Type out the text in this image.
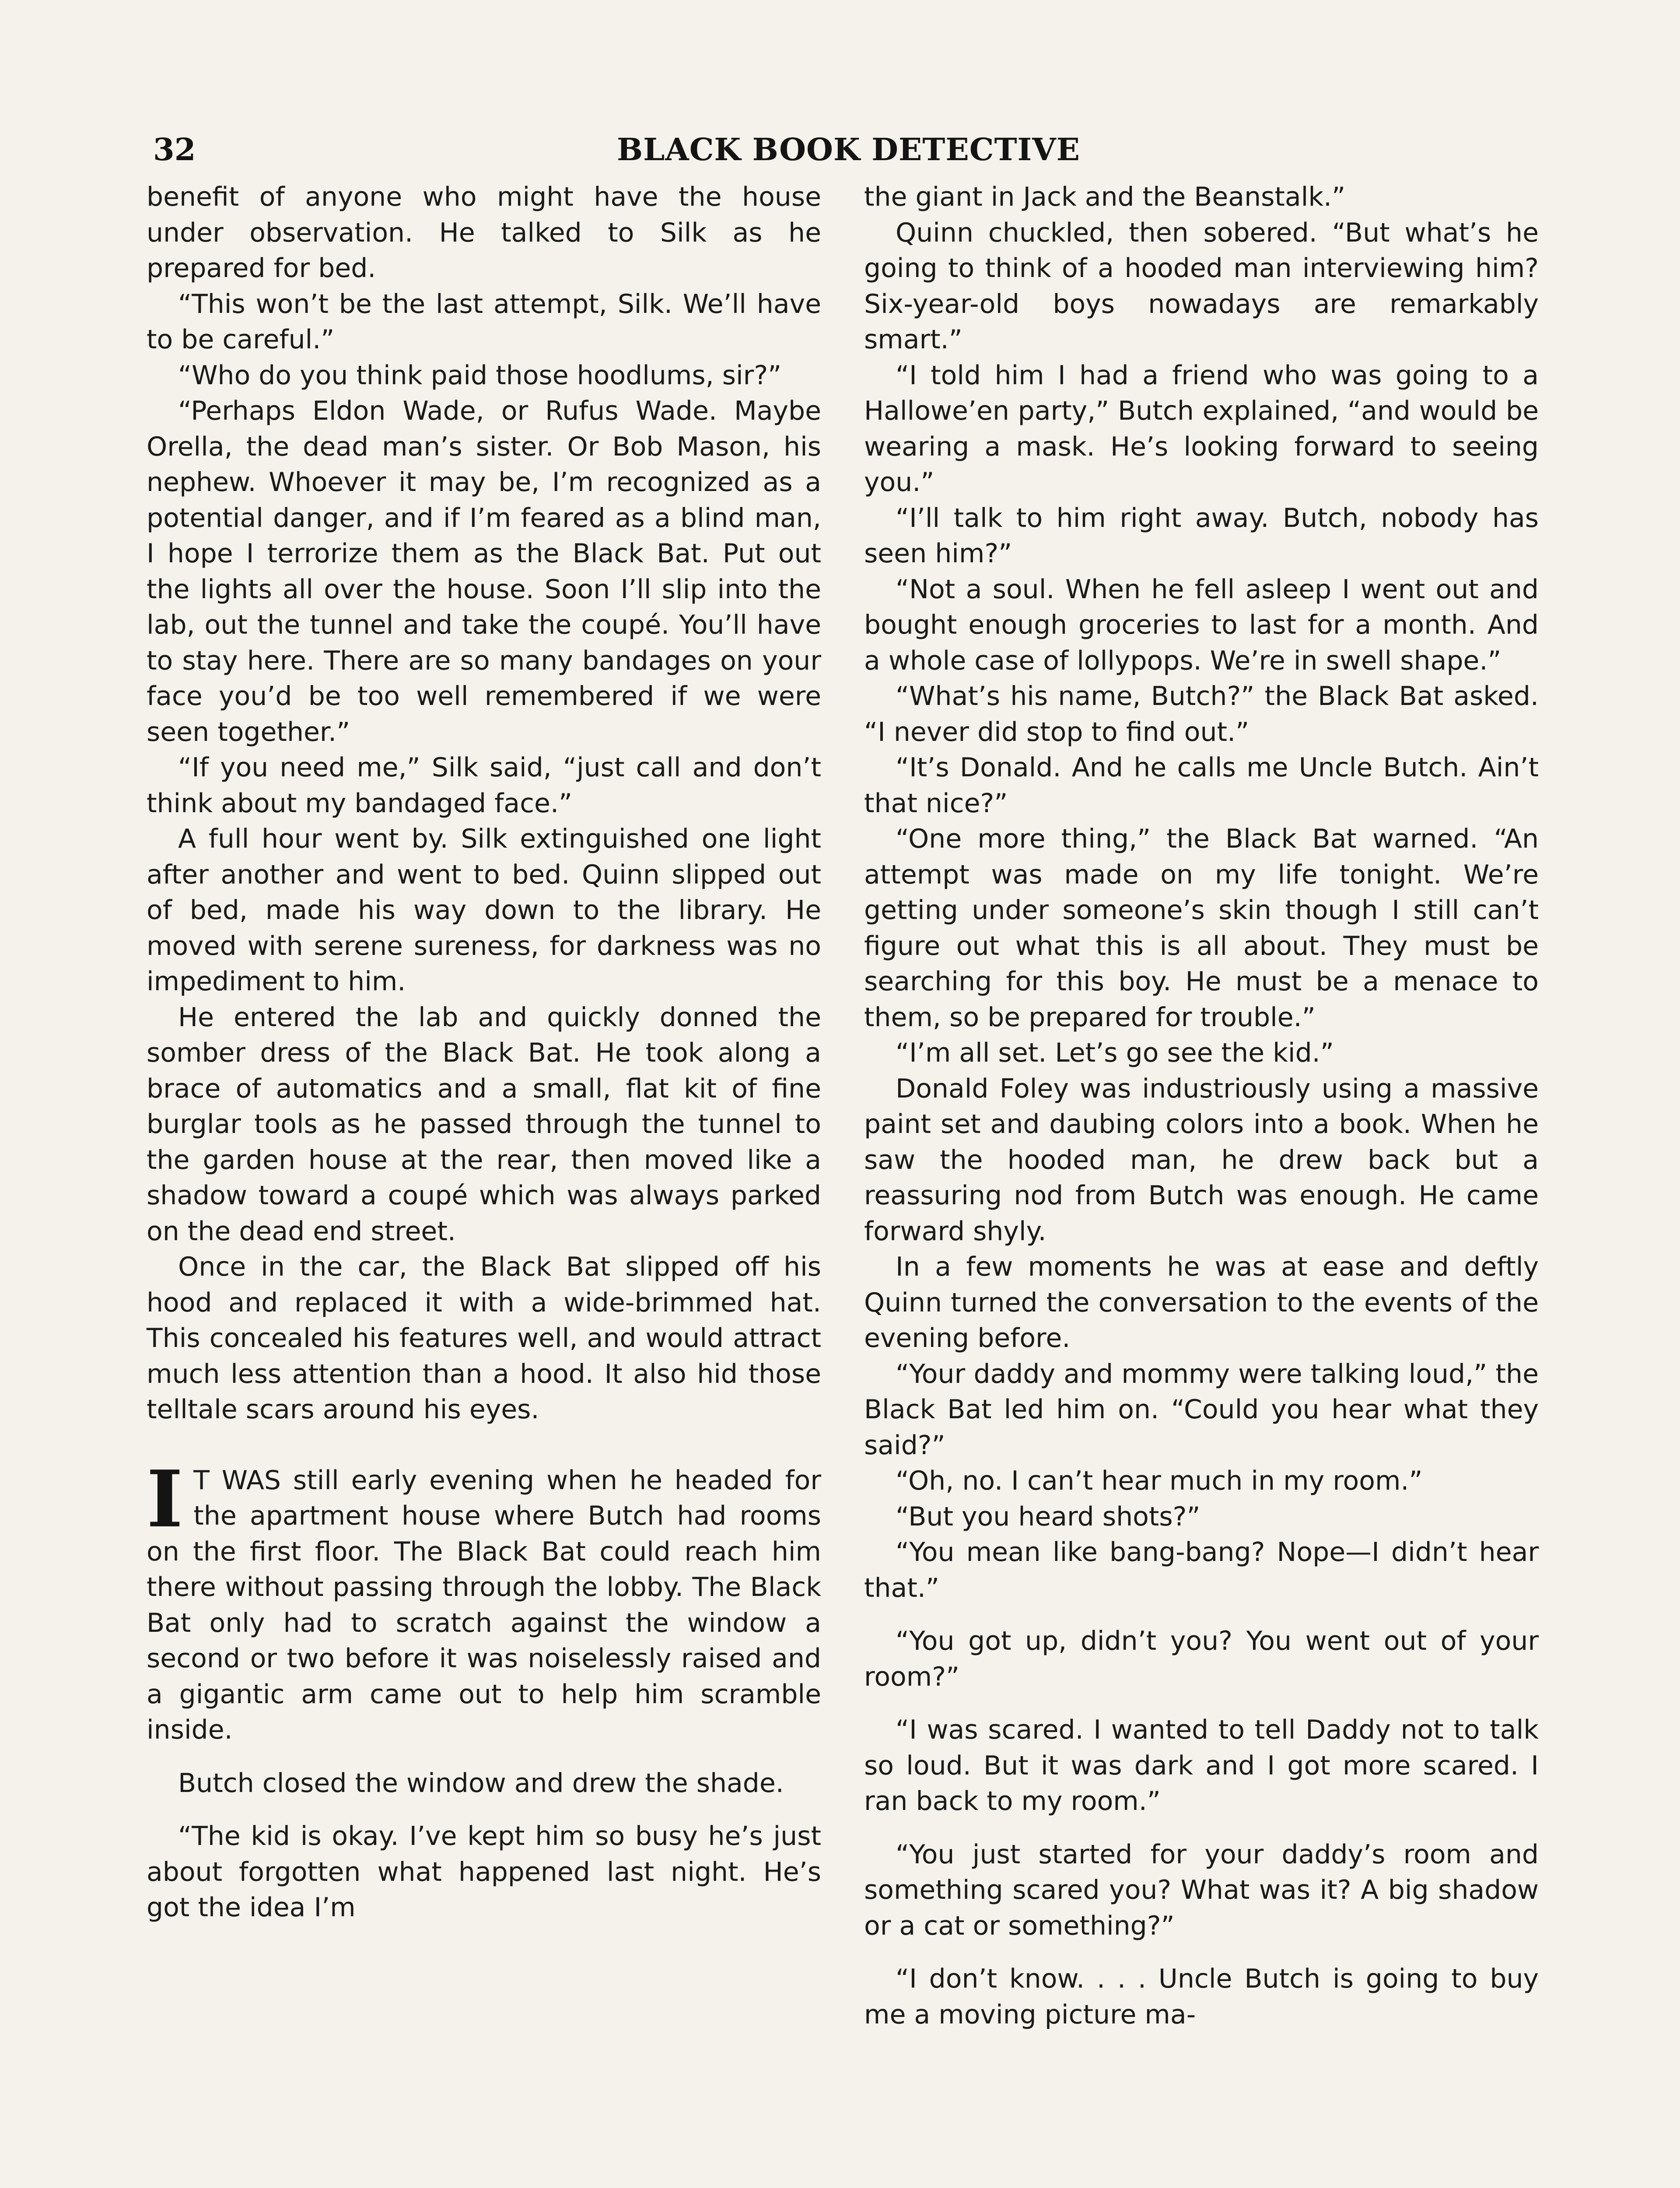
32	BLACK BOOK DETECTIVE

benefit of anyone who might have the house under observation. He talked to Silk as he prepared for bed.

“This won’t be the last attempt, Silk. We’ll have to be careful.”

“Who do you think paid those hoodlums, sir?”

“Perhaps Eldon Wade, or Rufus Wade. Maybe Orella, the dead man’s sister. Or Bob Mason, his nephew. Whoever it may be, I’m recognized as a potential danger, and if I’m feared as a blind man, I hope I terrorize them as the Black Bat. Put out the lights all over the house. Soon I’ll slip into the lab, out the tunnel and take the coupé. You’ll have to stay here. There are so many bandages on your face you’d be too well remembered if we were seen together.”

“If you need me,” Silk said, “just call and don’t think about my bandaged face.”

A full hour went by. Silk extinguished one light after another and went to bed. Quinn slipped out of bed, made his way down to the library. He moved with serene sureness, for darkness was no impediment to him.

He entered the lab and quickly donned the somber dress of the Black Bat. He took along a brace of automatics and a small, flat kit of fine burglar tools as he passed through the tunnel to the garden house at the rear, then moved like a shadow toward a coupé which was always parked on the dead end street.

Once in the car, the Black Bat slipped off his hood and replaced it with a wide-brimmed hat. This concealed his features well, and would attract much less attention than a hood. It also hid those telltale scars around his eyes.

I T WAS still early evening when he headed for the apartment house where Butch had rooms on the first floor. The Black Bat could reach him there without passing through the lobby. The Black Bat only had to scratch against the window a second or two before it was noiselessly raised and a gigantic arm came out to help him scramble inside.

Butch closed the window and drew the shade.

“The kid is okay. I’ve kept him so busy he’s just about forgotten what happened last night. He’s got the idea I’m

the giant in Jack and the Beanstalk.”

Quinn chuckled, then sobered. “But what’s he going to think of a hooded man interviewing him? Six-year-old boys nowadays are remarkably smart.”

“I told him I had a friend who was going to a Hallowe’en party,” Butch explained, “and would be wearing a mask. He’s looking forward to seeing you.”

“I’ll talk to him right away. Butch, nobody has seen him?”

“Not a soul. When he fell asleep I went out and bought enough groceries to last for a month. And a whole case of lollypops. We’re in swell shape.”

“What’s his name, Butch?” the Black Bat asked. “I never did stop to find out.”

“It’s Donald. And he calls me Uncle Butch. Ain’t that nice?”

“One more thing,” the Black Bat warned. “An attempt was made on my life tonight. We’re getting under someone’s skin though I still can’t figure out what this is all about. They must be searching for this boy. He must be a menace to them, so be prepared for trouble.”

“I’m all set. Let’s go see the kid.”

Donald Foley was industriously using a massive paint set and daubing colors into a book. When he saw the hooded man, he drew back but a reassuring nod from Butch was enough. He came forward shyly.

In a few moments he was at ease and deftly Quinn turned the conversation to the events of the evening before.

“Your daddy and mommy were talking loud,” the Black Bat led him on. “Could you hear what they said?”

“Oh, no. I can’t hear much in my room.”

“But you heard shots?”

“You mean like bang-bang? Nope—I didn’t hear that.”

“You got up, didn’t you? You went out of your room?”

“I was scared. I wanted to tell Daddy not to talk so loud. But it was dark and I got more scared. I ran back to my room.”

“You just started for your daddy’s room and something scared you? What was it? A big shadow or a cat or something?”

“I don’t know. . . . Uncle Butch is going to buy me a moving picture ma-
